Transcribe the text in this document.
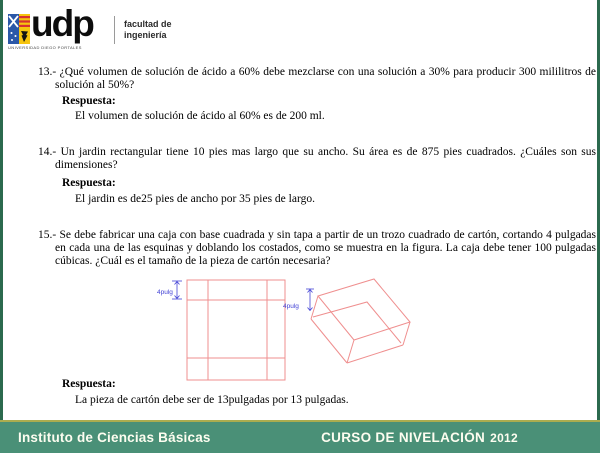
udp
UNIVERSIDAD DIEGO PORTALES
facultad de
ingeniería
13.- ¿Qué volumen de solución de ácido a 60% debe mezclarse con una solución a 30% para producir 300 mililitros de solución al 50%?
Respuesta:
El volumen de solución de ácido al 60% es de 200 ml.
14.- Un jardin rectangular tiene 10 pies mas largo que su ancho. Su área es de 875 pies cuadrados. ¿Cuáles son sus dimensiones?
Respuesta:
El jardin es de25 pies de ancho por 35 pies de largo.
15.- Se debe fabricar una caja con base cuadrada y sin tapa a partir de un trozo cuadrado de cartón, cortando 4 pulgadas en cada una de las esquinas y doblando los costados, como se muestra en la figura. La caja debe tener 100 pulgadas cúbicas. ¿Cuál es el tamaño de la pieza de cartón necesaria?
4pulg
4pulg
Respuesta:
La pieza de cartón debe ser de 13pulgadas por 13 pulgadas.
Instituto de Ciencias Básicas	CURSO DE NIVELACIÓN 2012
